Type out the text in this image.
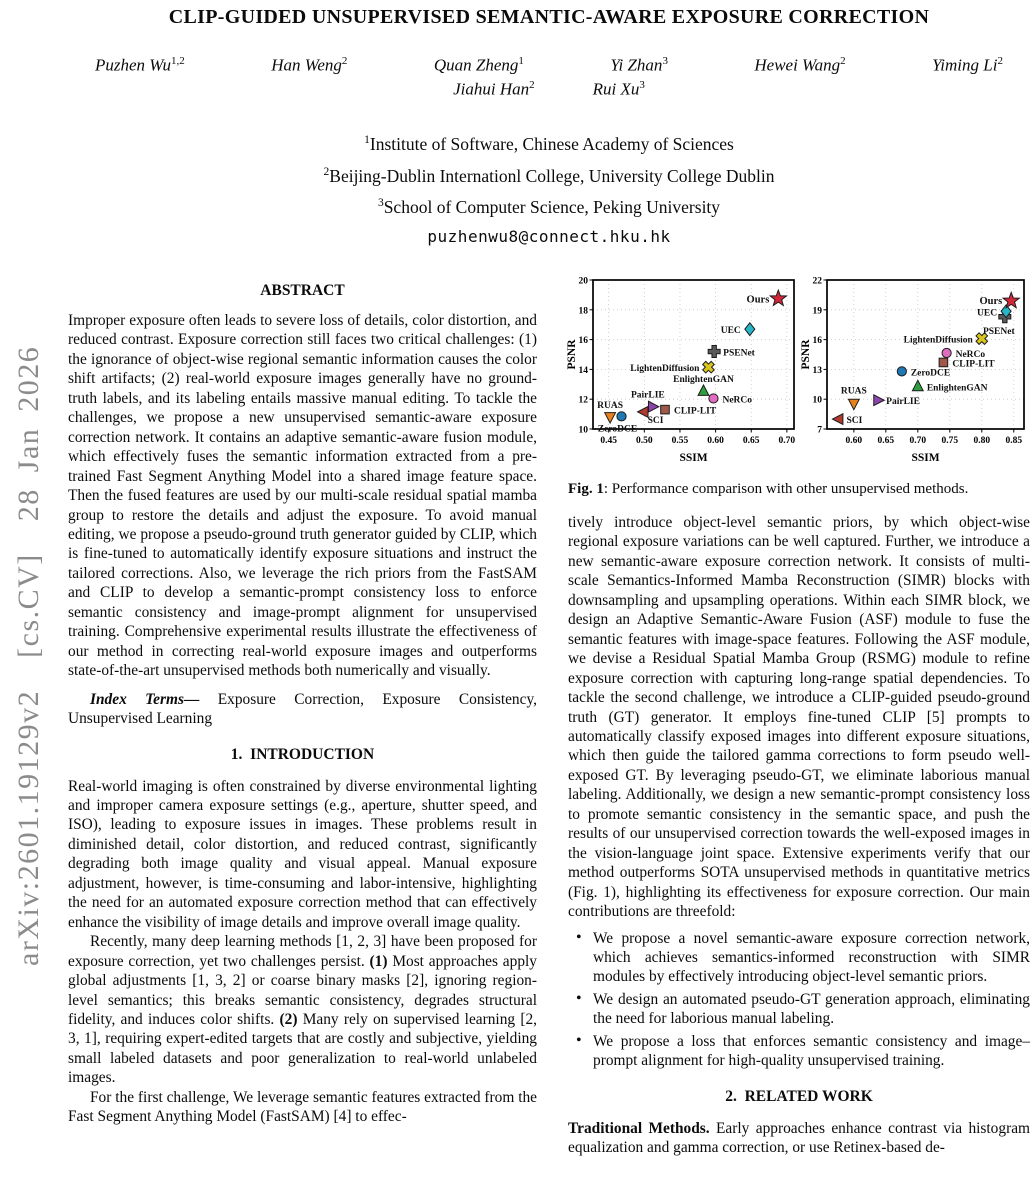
arXiv:2601.19129v2  [cs.CV]  28 Jan 2026
CLIP-GUIDED UNSUPERVISED SEMANTIC-AWARE EXPOSURE CORRECTION
Puzhen Wu$^{1,2}$	Han Weng$^2$	Quan Zheng$^1$	Yi Zhan$^3$	Hewei Wang$^2$	Yiming Li$^2$
Jiahui Han$^2$	Rui Xu$^3$
$^1$Institute of Software, Chinese Academy of Sciences
$^2$Beijing-Dublin Internationl College, University College Dublin
$^3$School of Computer Science, Peking University
puzhenwu8@connect.hku.hk
ABSTRACT

Improper exposure often leads to severe loss of details, color distortion, and reduced contrast. Exposure correction still faces two critical challenges: (1) the ignorance of object-wise regional semantic information causes the color shift artifacts; (2) real-world exposure images generally have no ground-truth labels, and its labeling entails massive manual editing. To tackle the challenges, we propose a new unsupervised semantic-aware exposure correction network. It contains an adaptive semantic-aware fusion module, which effectively fuses the semantic information extracted from a pre-trained Fast Segment Anything Model into a shared image feature space. Then the fused features are used by our multi-scale residual spatial mamba group to restore the details and adjust the exposure. To avoid manual editing, we propose a pseudo-ground truth generator guided by CLIP, which is fine-tuned to automatically identify exposure situations and instruct the tailored corrections. Also, we leverage the rich priors from the FastSAM and CLIP to develop a semantic-prompt consistency loss to enforce semantic consistency and image-prompt alignment for unsupervised training. Comprehensive experimental results illustrate the effectiveness of our method in correcting real-world exposure images and outperforms state-of-the-art unsupervised methods both numerically and visually.

Index Terms— Exposure Correction, Exposure Consistency, Unsupervised Learning

1.  INTRODUCTION

Real-world imaging is often constrained by diverse environmental lighting and improper camera exposure settings (e.g., aperture, shutter speed, and ISO), leading to exposure issues in images. These problems result in diminished detail, color distortion, and reduced contrast, significantly degrading both image quality and visual appeal. Manual exposure adjustment, however, is time-consuming and labor-intensive, highlighting the need for an automated exposure correction method that can effectively enhance the visibility of image details and improve overall image quality.

Recently, many deep learning methods [1, 2, 3] have been proposed for exposure correction, yet two challenges persist. (1) Most approaches apply global adjustments [1, 3, 2] or coarse binary masks [2], ignoring region-level semantics; this breaks semantic consistency, degrades structural fidelity, and induces color shifts. (2) Many rely on supervised learning [2, 3, 1], requiring expert-edited targets that are costly and subjective, yielding small labeled datasets and poor generalization to real-world unlabeled images.

For the first challenge, We leverage semantic features extracted from the Fast Segment Anything Model (FastSAM) [4] to effec-

0.45 0.50 0.55 0.60 0.65 0.70
10
12
14
16
18
20
SSIM
PSNR
RUAS
ZeroDCE
SCI
PairLIE
CLIP-LIT
EnlightenGAN
NeRCo
LightenDiffusion
PSENet
UEC
Ours
0.60 0.65 0.70 0.75 0.80 0.85
7
10
13
16
19
22
SSIM
PSNR
SCI
RUAS
PairLIE
EnlightenGAN
ZeroDCE
CLIP-LIT
NeRCo
LightenDiffusion
PSENet
UEC
Ours
Fig. 1: Performance comparison with other unsupervised methods.

tively introduce object-level semantic priors, by which object-wise regional exposure variations can be well captured. Further, we introduce a new semantic-aware exposure correction network. It consists of multi-scale Semantics-Informed Mamba Reconstruction (SIMR) blocks with downsampling and upsampling operations. Within each SIMR block, we design an Adaptive Semantic-Aware Fusion (ASF) module to fuse the semantic features with image-space features. Following the ASF module, we devise a Residual Spatial Mamba Group (RSMG) module to refine exposure correction with capturing long-range spatial dependencies. To tackle the second challenge, we introduce a CLIP-guided pseudo-ground truth (GT) generator. It employs fine-tuned CLIP [5] prompts to automatically classify exposed images into different exposure situations, which then guide the tailored gamma corrections to form pseudo well-exposed GT. By leveraging pseudo-GT, we eliminate laborious manual labeling. Additionally, we design a new semantic-prompt consistency loss to promote semantic consistency in the semantic space, and push the results of our unsupervised correction towards the well-exposed images in the vision-language joint space. Extensive experiments verify that our method outperforms SOTA unsupervised methods in quantitative metrics (Fig. 1), highlighting its effectiveness for exposure correction. Our main contributions are threefold:

• We propose a novel semantic-aware exposure correction network, which achieves semantics-informed reconstruction with SIMR modules by effectively introducing object-level semantic priors.

• We design an automated pseudo-GT generation approach, eliminating the need for laborious manual labeling.

• We propose a loss that enforces semantic consistency and image–prompt alignment for high-quality unsupervised training.

2.  RELATED WORK

Traditional Methods. Early approaches enhance contrast via histogram equalization and gamma correction, or use Retinex-based de-
